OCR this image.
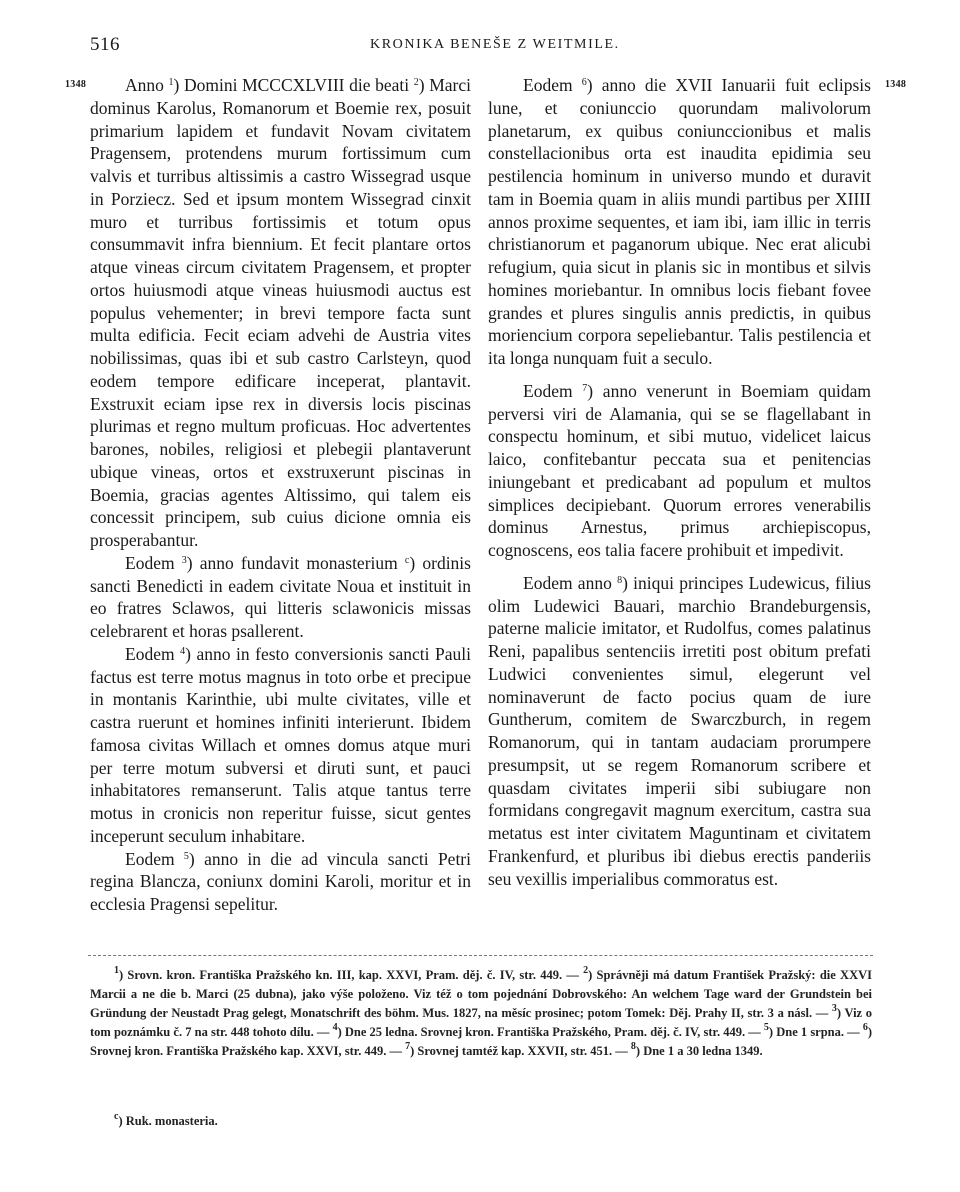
516	KRONIKA BENEŠE Z WEITMILE.
1348	1348

Anno $^1$) Domini MCCCXLVIII die beati $^2$) Marci dominus Karolus, Romanorum et Boemie rex, posuit primarium lapidem et fundavit Novam civitatem Pragensem, protendens murum fortissimum cum valvis et turribus altissimis a castro Wissegrad usque in Porziecz. Sed et ipsum montem Wissegrad cinxit muro et turribus fortissimis et totum opus consummavit infra biennium. Et fecit plantare ortos atque vineas circum civitatem Pragensem, et propter ortos huiusmodi atque vineas huiusmodi auctus est populus vehementer; in brevi tempore facta sunt multa edificia. Fecit eciam advehi de Austria vites nobilissimas, quas ibi et sub castro Carlsteyn, quod eodem tempore edificare inceperat, plantavit. Exstruxit eciam ipse rex in diversis locis piscinas plurimas et regno multum proficuas. Hoc advertentes barones, nobiles, religiosi et plebegii plantaverunt ubique vineas, ortos et exstruxerunt piscinas in Boemia, gracias agentes Altissimo, qui talem eis concessit principem, sub cuius dicione omnia eis prosperabantur.

Eodem $^3$) anno fundavit monasterium $^c$) ordinis sancti Benedicti in eadem civitate Noua et instituit in eo fratres Sclawos, qui litteris sclawonicis missas celebrarent et horas psallerent.

Eodem $^4$) anno in festo conversionis sancti Pauli factus est terre motus magnus in toto orbe et precipue in montanis Karinthie, ubi multe civitates, ville et castra ruerunt et homines infiniti interierunt. Ibidem famosa civitas Willach et omnes domus atque muri per terre motum subversi et diruti sunt, et pauci inhabitatores remanserunt. Talis atque tantus terre motus in cronicis non reperitur fuisse, sicut gentes inceperunt seculum inhabitare.

Eodem $^5$) anno in die ad vincula sancti Petri regina Blancza, coniunx domini Karoli, moritur et in ecclesia Pragensi sepelitur.

Eodem $^6$) anno die XVII Ianuarii fuit eclipsis lune, et coniunccio quorundam malivolorum planetarum, ex quibus coniunccionibus et malis constellacionibus orta est inaudita epidimia seu pestilencia hominum in universo mundo et duravit tam in Boemia quam in aliis mundi partibus per XIIII annos proxime sequentes, et iam ibi, iam illic in terris christianorum et paganorum ubique. Nec erat alicubi refugium, quia sicut in planis sic in montibus et silvis homines moriebantur. In omnibus locis fiebant fovee grandes et plures singulis annis predictis, in quibus moriencium corpora sepeliebantur. Talis pestilencia et ita longa nunquam fuit a seculo.

Eodem $^7$) anno venerunt in Boemiam quidam perversi viri de Alamania, qui se se flagellabant in conspectu hominum, et sibi mutuo, videlicet laicus laico, confitebantur peccata sua et penitencias iniungebant et predicabant ad populum et multos simplices decipiebant. Quorum errores venerabilis dominus Arnestus, primus archiepiscopus, cognoscens, eos talia facere prohibuit et impedivit.

Eodem anno $^8$) iniqui principes Ludewicus, filius olim Ludewici Bauari, marchio Brandeburgensis, paterne malicie imitator, et Rudolfus, comes palatinus Reni, papalibus sentenciis irretiti post obitum prefati Ludwici convenientes simul, elegerunt vel nominaverunt de facto pocius quam de iure Guntherum, comitem de Swarczburch, in regem Romanorum, qui in tantam audaciam prorumpere presumpsit, ut se regem Romanorum scribere et quasdam civitates imperii sibi subiugare non formidans congregavit magnum exercitum, castra sua metatus est inter civitatem Maguntinam et civitatem Frankenfurd, et pluribus ibi diebus erectis panderiis seu vexillis imperialibus commoratus est.

$^1$) Srovn. kron. Františka Pražského kn. III, kap. XXVI, Pram. děj. č. IV, str. 449. — $^2$) Správněji má datum František Pražský: die XXVI Marcii a ne die b. Marci (25 dubna), jako výše položeno. Viz též o tom pojednání Dobrovského: An welchem Tage ward der Grundstein bei Gründung der Neustadt Prag gelegt, Monatschrift des böhm. Mus. 1827, na měsíc prosinec; potom Tomek: Děj. Prahy II, str. 3 a násl. — $^3$) Viz o tom poznámku č. 7 na str. 448 tohoto dílu. — $^4$) Dne 25 ledna. Srovnej kron. Františka Pražského, Pram. děj. č. IV, str. 449. — $^5$) Dne 1 srpna. — $^6$) Srovnej kron. Františka Pražského kap. XXVI, str. 449. — $^7$) Srovnej tamtéž kap. XXVII, str. 451. — $^8$) Dne 1 a 30 ledna 1349.

$^c$) Ruk. monasteria.
